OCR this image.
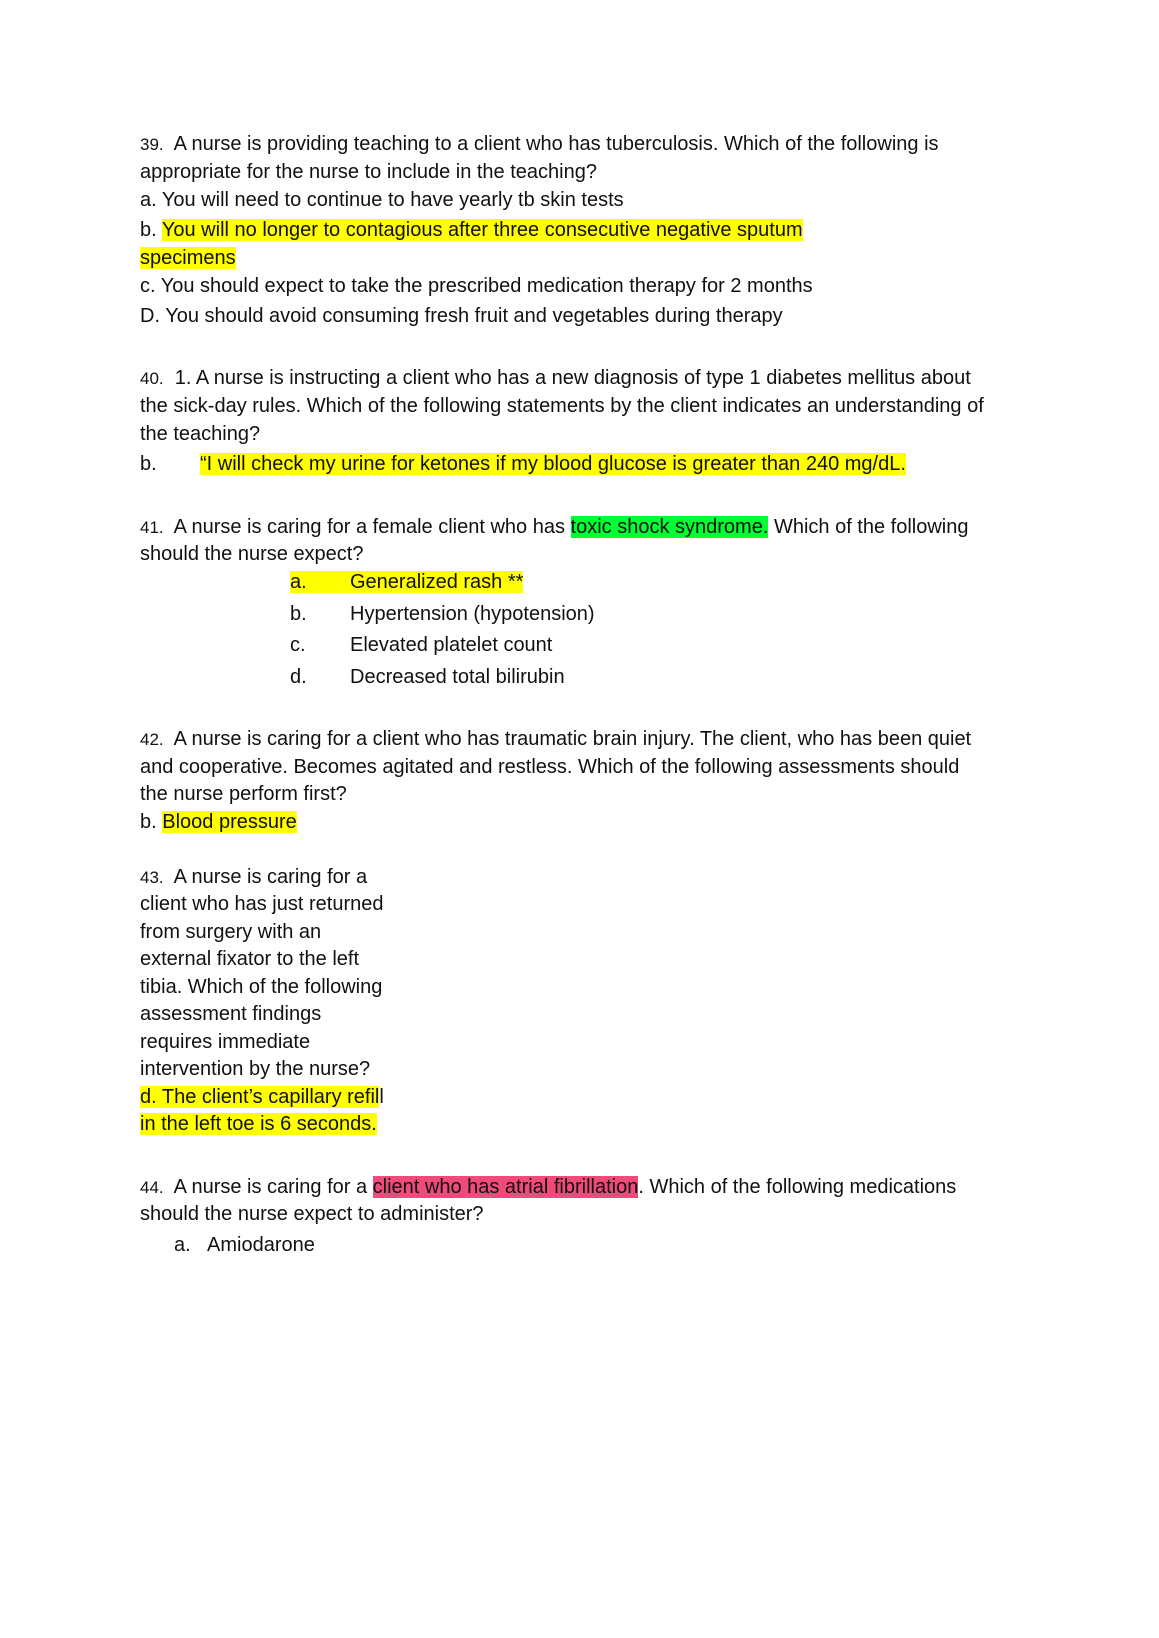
39. A nurse is providing teaching to a client who has tuberculosis. Which of the following is
appropriate for the nurse to include in the teaching?
a. You will need to continue to have yearly tb skin tests
b. You will no longer to contagious after three consecutive negative sputum
specimens
c. You should expect to take the prescribed medication therapy for 2 months
D. You should avoid consuming fresh fruit and vegetables during therapy
40. 1. A nurse is instructing a client who has a new diagnosis of type 1 diabetes mellitus about
the sick-day rules. Which of the following statements by the client indicates an understanding of
the teaching?
b. “I will check my urine for ketones if my blood glucose is greater than 240 mg/dL.
41. A nurse is caring for a female client who has toxic shock syndrome. Which of the following
should the nurse expect?
a. Generalized rash **
b. Hypertension (hypotension)
c. Elevated platelet count
d. Decreased total bilirubin
42. A nurse is caring for a client who has traumatic brain injury. The client, who has been quiet
and cooperative. Becomes agitated and restless. Which of the following assessments should
the nurse perform first?
b. Blood pressure
43. A nurse is caring for a
client who has just returned
from surgery with an
external fixator to the left
tibia. Which of the following
assessment findings
requires immediate
intervention by the nurse?
d. The client’s capillary refill
in the left toe is 6 seconds.
44. A nurse is caring for a client who has atrial fibrillation. Which of the following medications
should the nurse expect to administer?
a. Amiodarone
